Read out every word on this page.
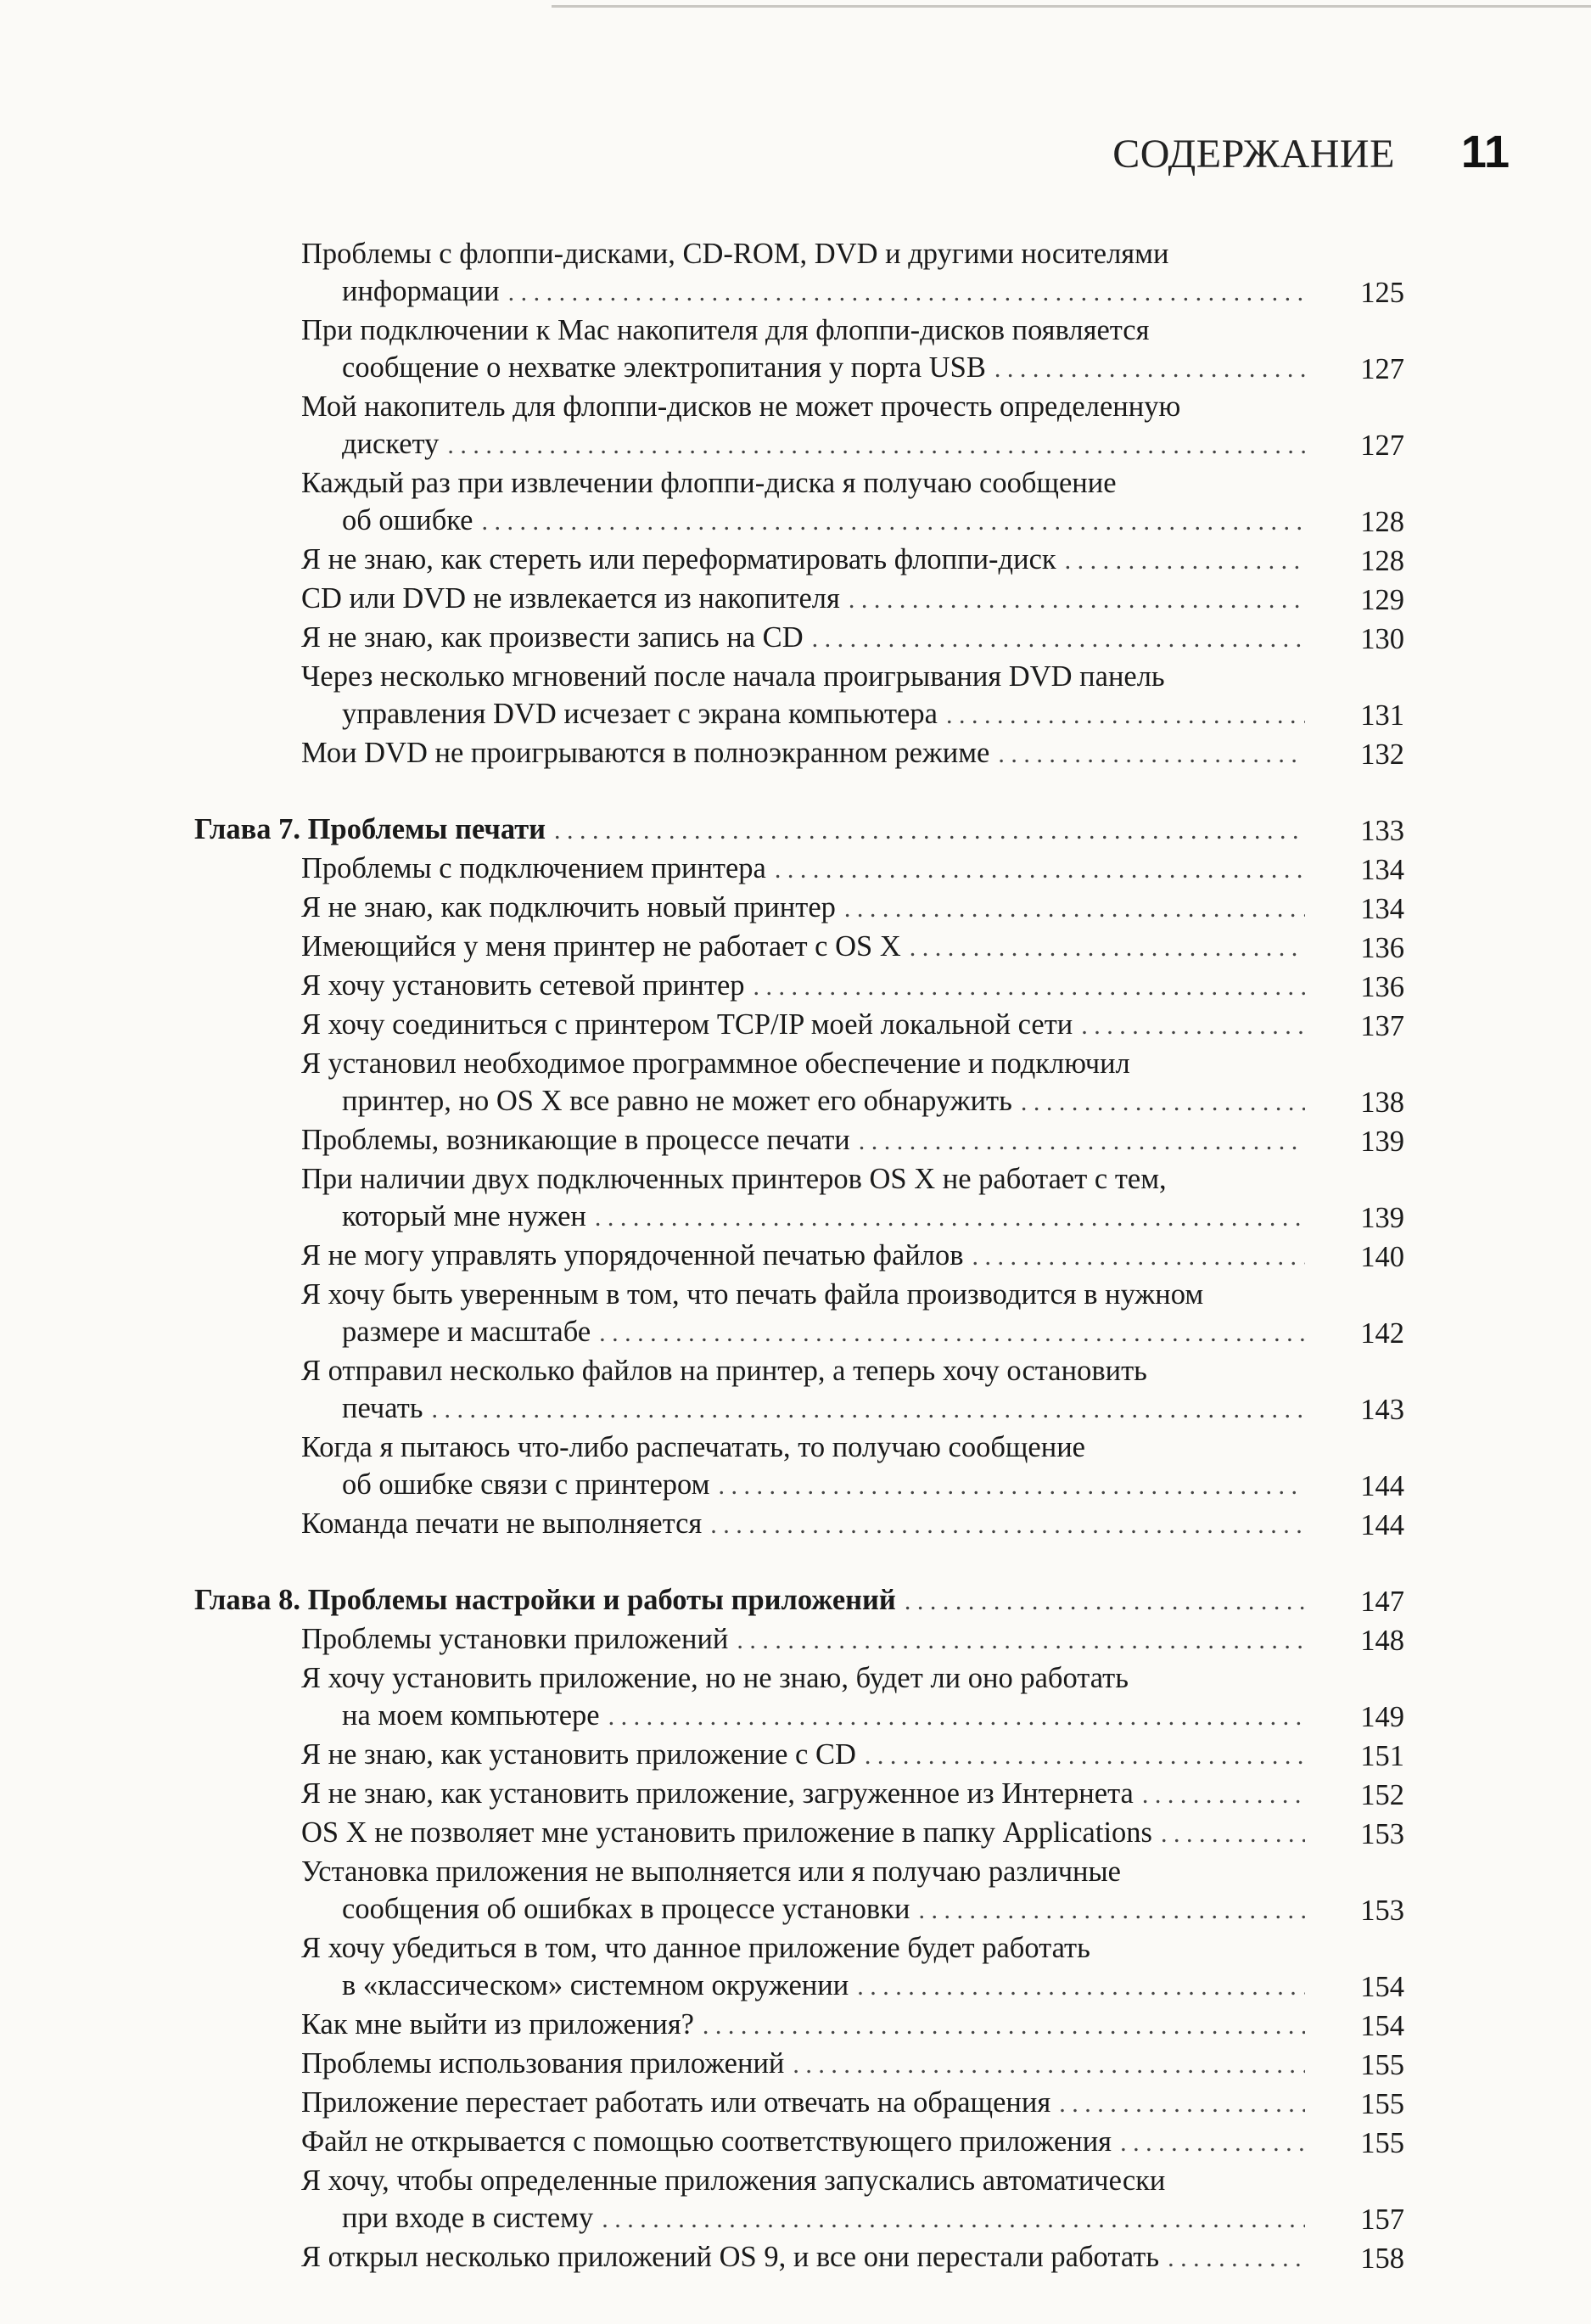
СОДЕРЖАНИЕ 11
Проблемы с флоппи-дисками, CD-ROM, DVD и другими носителями
информации . . .	125
При подключении к Mac накопителя для флоппи-дисков появляется
сообщение о нехватке электропитания у порта USB . . .	127
Мой накопитель для флоппи-дисков не может прочесть определенную
дискету . . .	127
Каждый раз при извлечении флоппи-диска я получаю сообщение
об ошибке . . .	128
Я не знаю, как стереть или переформатировать флоппи-диск . . .	128
CD или DVD не извлекается из накопителя . . .	129
Я не знаю, как произвести запись на CD . . .	130
Через несколько мгновений после начала проигрывания DVD панель
управления DVD исчезает с экрана компьютера . . .	131
Мои DVD не проигрываются в полноэкранном режиме . . .	132
Глава 7. Проблемы печати . . .	133
Проблемы с подключением принтера . . .	134
Я не знаю, как подключить новый принтер . . .	134
Имеющийся у меня принтер не работает с OS X . . .	136
Я хочу установить сетевой принтер . . .	136
Я хочу соединиться с принтером TCP/IP моей локальной сети . . .	137
Я установил необходимое программное обеспечение и подключил
принтер, но OS X все равно не может его обнаружить . . .	138
Проблемы, возникающие в процессе печати . . .	139
При наличии двух подключенных принтеров OS X не работает с тем,
который мне нужен . . .	139
Я не могу управлять упорядоченной печатью файлов . . .	140
Я хочу быть уверенным в том, что печать файла производится в нужном
размере и масштабе . . .	142
Я отправил несколько файлов на принтер, а теперь хочу остановить
печать . . .	143
Когда я пытаюсь что-либо распечатать, то получаю сообщение
об ошибке связи с принтером . . .	144
Команда печати не выполняется . . .	144
Глава 8. Проблемы настройки и работы приложений . . .	147
Проблемы установки приложений . . .	148
Я хочу установить приложение, но не знаю, будет ли оно работать
на моем компьютере . . .	149
Я не знаю, как установить приложение с CD . . .	151
Я не знаю, как установить приложение, загруженное из Интернета . . .	152
OS X не позволяет мне установить приложение в папку Applications . . .	153
Установка приложения не выполняется или я получаю различные
сообщения об ошибках в процессе установки . . .	153
Я хочу убедиться в том, что данное приложение будет работать
в «классическом» системном окружении . . .	154
Как мне выйти из приложения? . . .	154
Проблемы использования приложений . . .	155
Приложение перестает работать или отвечать на обращения . . .	155
Файл не открывается с помощью соответствующего приложения . . .	155
Я хочу, чтобы определенные приложения запускались автоматически
при входе в систему . . .	157
Я открыл несколько приложений OS 9, и все они перестали работать . . .	158
